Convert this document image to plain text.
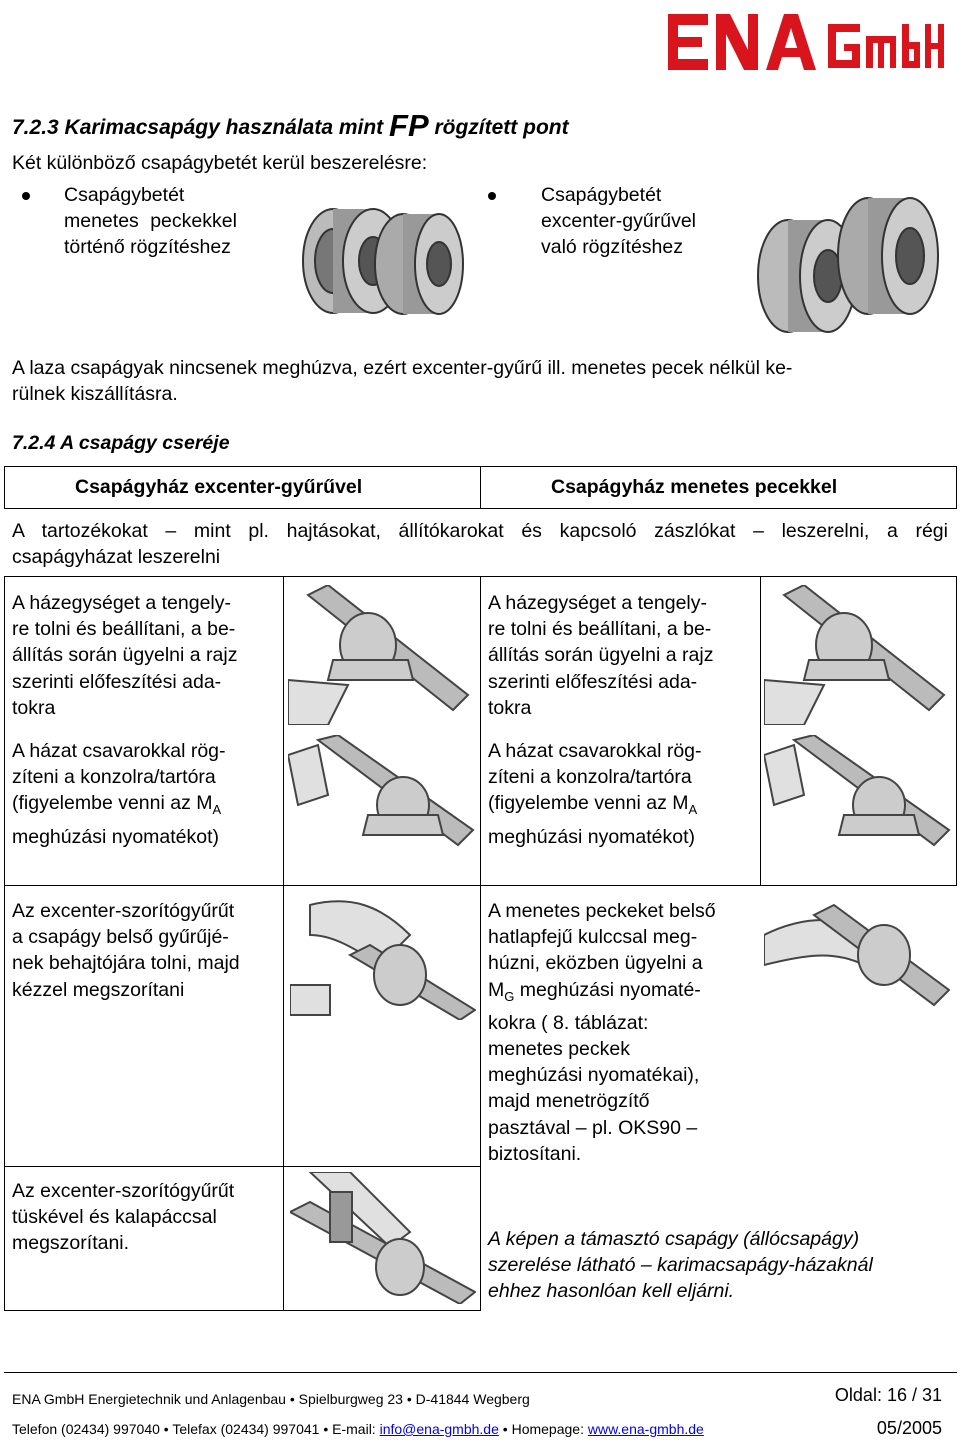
7.2.3 Karimacsapágy használata mint FP rögzített pont
Két különböző csapágybetét kerül beszerelésre:
Csapágybetét
menetes peckekkel
történő rögzítéshez
Csapágybetét
excenter-gyűrűvel
való rögzítéshez
A laza csapágyak nincsenek meghúzva, ezért excenter-gyűrű ill. menetes pecek nélkül ke-
rülnek kiszállításra.
7.2.4 A csapágy cseréje
Csapágyház excenter-gyűrűvel	Csapágyház menetes pecekkel
A tartozékokat – mint pl. hajtásokat, állítókarokat és kapcsoló zászlókat – leszerelni, a régi
csapágyházat leszerelni
A házegységet a tengely-
re tolni és beállítani, a be-
állítás során ügyelni a rajz
szerinti előfeszítési ada-
tokra
A házegységet a tengely-
re tolni és beállítani, a be-
állítás során ügyelni a rajz
szerinti előfeszítési ada-
tokra
A házat csavarokkal rög-
zíteni a konzolra/tartóra
(figyelembe venni az $M_A$
meghúzási nyomatékot)
A házat csavarokkal rög-
zíteni a konzolra/tartóra
(figyelembe venni az $M_A$
meghúzási nyomatékot)
Az excenter-szorítógyűrűt
a csapágy belső gyűrűjé-
nek behajtójára tolni, majd
kézzel megszorítani
A menetes peckeket belső
hatlapfejű kulccsal meg-
húzni, eközben ügyelni a
$M_G$ meghúzási nyomaté-
kokra ( 8. táblázat:
menetes peckek
meghúzási nyomatékai),
majd menetrögzítő
pasztával – pl. OKS90 –
biztosítani.
Az excenter-szorítógyűrűt
tüskével és kalapáccsal
megszorítani.	A képen a támasztó csapágy (állócsapágy)
szerelése látható – karimacsapágy-házaknál
ehhez hasonlóan kell eljárni.
ENA GmbH Energietechnik und Anlagenbau • Spielburgweg 23 • D-41844 Wegberg
Telefon (02434) 997040 • Telefax (02434) 997041 • E-mail: info@ena-gmbh.de • Homepage: www.ena-gmbh.de
Oldal: 16 / 31
05/2005
